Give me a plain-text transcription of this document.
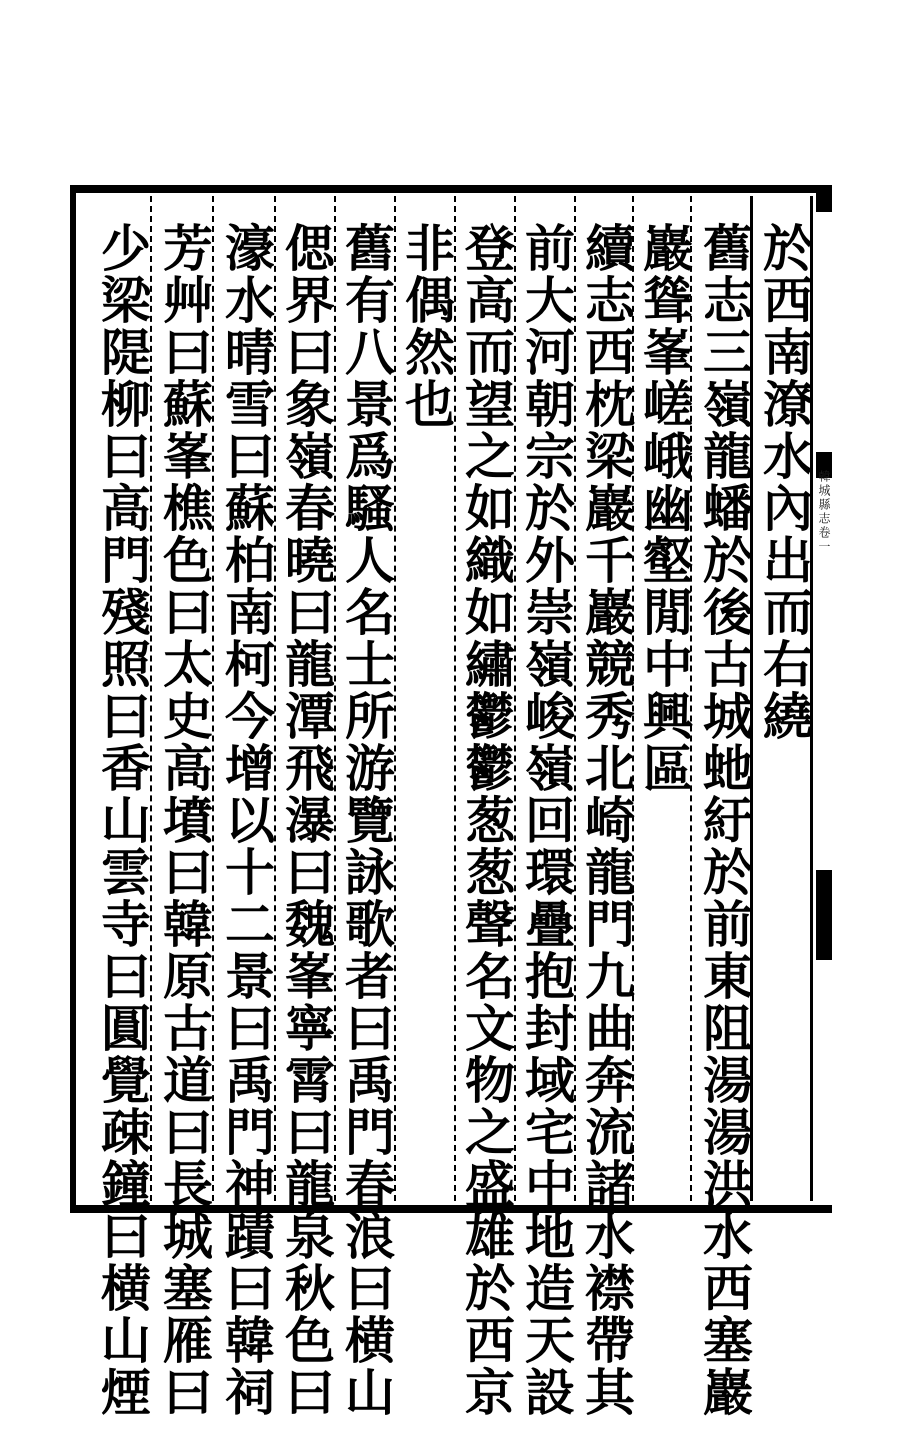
韓城縣志卷一
於西南潦水內出而右繞
舊志三嶺龍蟠於後古城虵紆於前東阻湯湯洪水西塞巖
巖聳峯嵯峨幽壑閒中興區
續志西枕梁巖千巖競秀北崎龍門九曲奔流諸水襟帶其
前大河朝宗於外崇嶺峻嶺回環疊抱封域宅中地造天設
登高而望之如織如繡鬱鬱葱葱聲名文物之盛雄於西京
非偶然也
舊有八景爲騷人名士所游覽詠歌者曰禹門春浪曰横山
偲界曰象嶺春曉曰龍潭飛瀑曰魏峯寧霄曰龍泉秋色曰
濠水晴雪曰蘇柏南柯今增以十二景曰禹門神蹟曰韓祠
芳艸曰蘇峯樵色曰太史高墳曰韓原古道曰長城塞雁曰
少梁隄柳曰高門殘照曰香山雲寺曰圓覺疎鐘曰横山煙
